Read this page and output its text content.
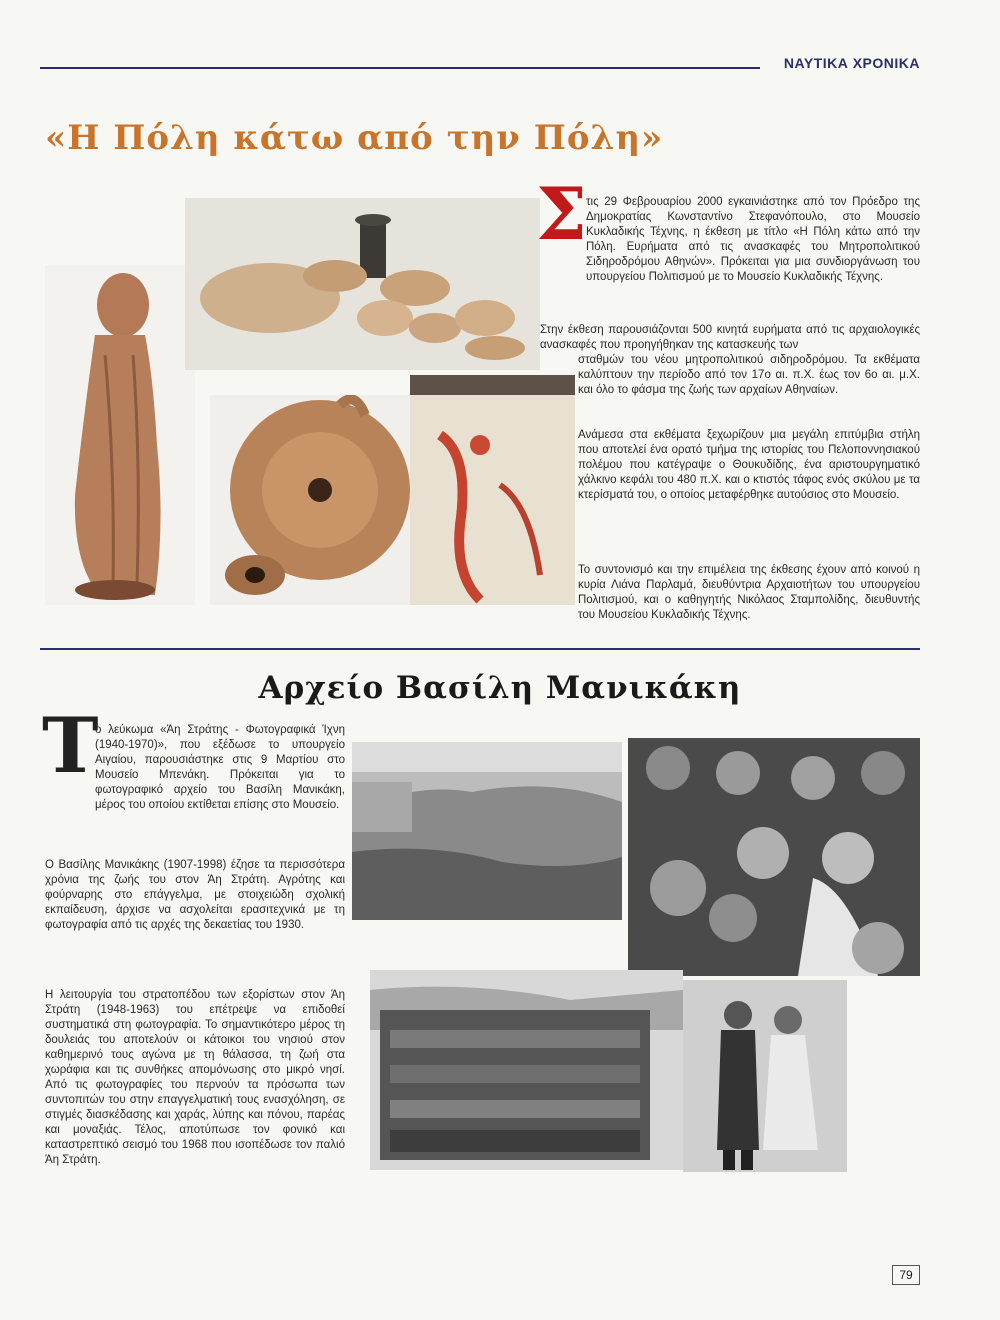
ΝΑΥΤΙΚΑ ΧΡΟΝΙΚΑ
«Η Πόλη κάτω από την Πόλη»
Σ τις 29 Φεβρουαρίου 2000 εγκαινιάστηκε από τον Πρόεδρο της Δημοκρατίας Κωνσταντίνο Στεφανόπουλο, στο Μουσείο Κυκλαδικής Τέχνης, η έκθεση με τίτλο «Η Πόλη κάτω από την Πόλη. Ευρήματα από τις ανασκαφές του Μητροπολιτικού Σιδηροδρόμου Αθηνών». Πρόκειται για μια συνδιοργάνωση του υπουργείου Πολιτισμού με το Μουσείο Κυκλαδικής Τέχνης.

Στην έκθεση παρουσιάζονται 500 κινητά ευρήματα από τις αρχαιολογικές ανασκαφές που προηγήθηκαν της κατασκευής των
σταθμών του νέου μητροπολιτικού σιδηροδρόμου. Τα εκθέματα καλύπτουν την περίοδο από τον 17ο αι. π.Χ. έως τον 6ο αι. μ.Χ. και όλο το φάσμα της ζωής των αρχαίων Αθηναίων.
Ανάμεσα στα εκθέματα ξεχωρίζουν μια μεγάλη επιτύμβια στήλη που αποτελεί ένα ορατό τμήμα της ιστορίας του Πελοποννησιακού πολέμου που κατέγραψε ο Θουκυδίδης, ένα αριστουργηματικό χάλκινο κεφάλι του 480 π.Χ. και ο κτιστός τάφος ενός σκύλου με τα κτερίσματά του, ο οποίος μεταφέρθηκε αυτούσιος στο Μουσείο.
Το συντονισμό και την επιμέλεια της έκθεσης έχουν από κοινού η κυρία Λιάνα Παρλαμά, διευθύντρια Αρχαιοτήτων του υπουργείου Πολιτισμού, και ο καθηγητής Νικόλαος Σταμπολίδης, διευθυντής του Μουσείου Κυκλαδικής Τέχνης.
Αρχείο Βασίλη Μανικάκη
Τ

ο λεύκωμα «Άη Στράτης - Φωτογραφικά Ίχνη (1940-1970)», που εξέδωσε το υπουργείο Αιγαίου, παρουσιάστηκε στις 9 Μαρτίου στο Μουσείο Μπενάκη. Πρόκειται για το φωτογραφικό αρχείο του Βασίλη Μανικάκη, μέρος του οποίου εκτίθεται επίσης στο Μουσείο.

Ο Βασίλης Μανικάκης (1907-1998) έζησε τα περισσότερα χρόνια της ζωής του στον Άη Στράτη. Αγρότης και φούρναρης στο επάγγελμα, με στοιχειώδη σχολική εκπαίδευση, άρχισε να ασχολείται ερασιτεχνικά με τη φωτογραφία από τις αρχές της δεκαετίας του 1930.
Η λειτουργία του στρατοπέδου των εξορίστων στον Άη Στράτη (1948-1963) του επέτρεψε να επιδοθεί συστηματικά στη φωτογραφία. Το σημαντικότερο μέρος τη δουλειάς του αποτελούν οι κάτοικοι του νησιού στον καθημερινό τους αγώνα με τη θάλασσα, τη ζωή στα χωράφια και τις συνθήκες απομόνωσης στο μικρό νησί. Από τις φωτογραφίες του περνούν τα πρόσωπα των συντοπιτών του στην επαγγελματική τους ενασχόληση, σε στιγμές διασκέδασης και χαράς, λύπης και πόνου, παρέας και μοναξιάς. Τέλος, αποτύπωσε τον φονικό και καταστρεπτικό σεισμό του 1968 που ισοπέδωσε τον παλιό Άη Στράτη.
79
